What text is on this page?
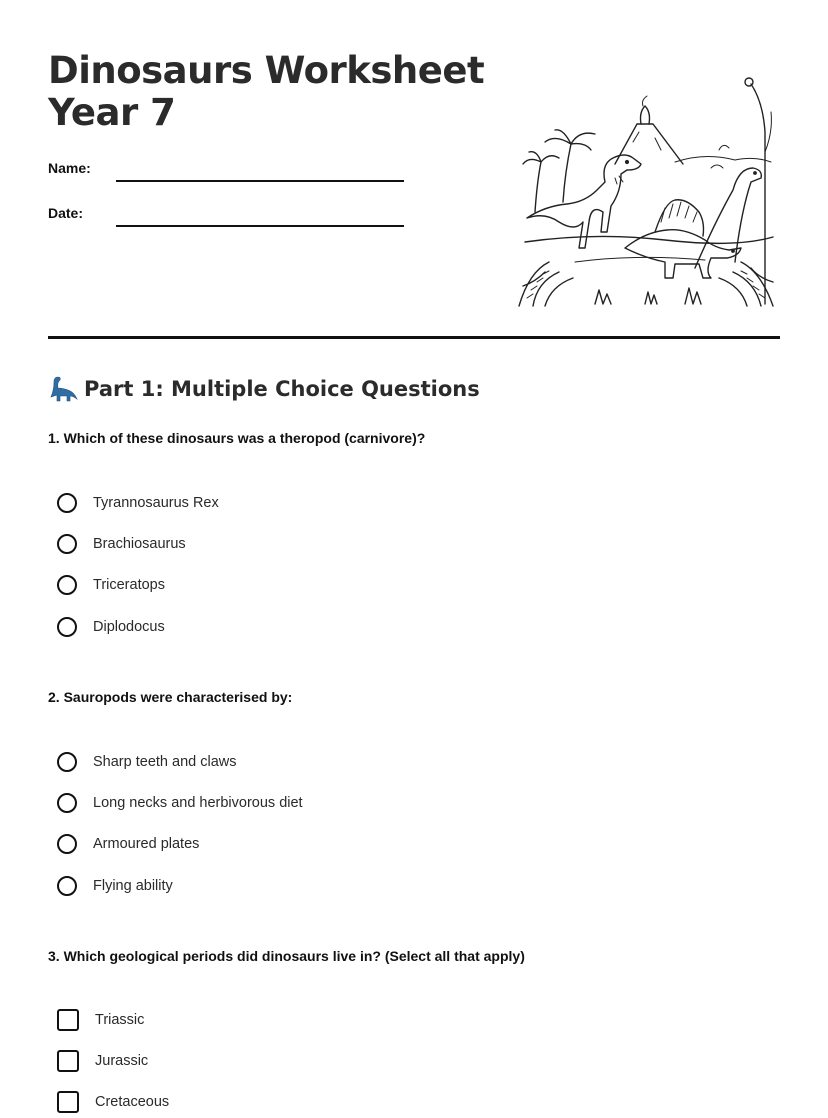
Dinosaurs Worksheet
Year 7
Name:
Date:
Part 1: Multiple Choice Questions
1. Which of these dinosaurs was a theropod (carnivore)?
Tyrannosaurus Rex
Brachiosaurus
Triceratops
Diplodocus
2. Sauropods were characterised by:
Sharp teeth and claws
Long necks and herbivorous diet
Armoured plates
Flying ability
3. Which geological periods did dinosaurs live in? (Select all that apply)
Triassic
Jurassic
Cretaceous
